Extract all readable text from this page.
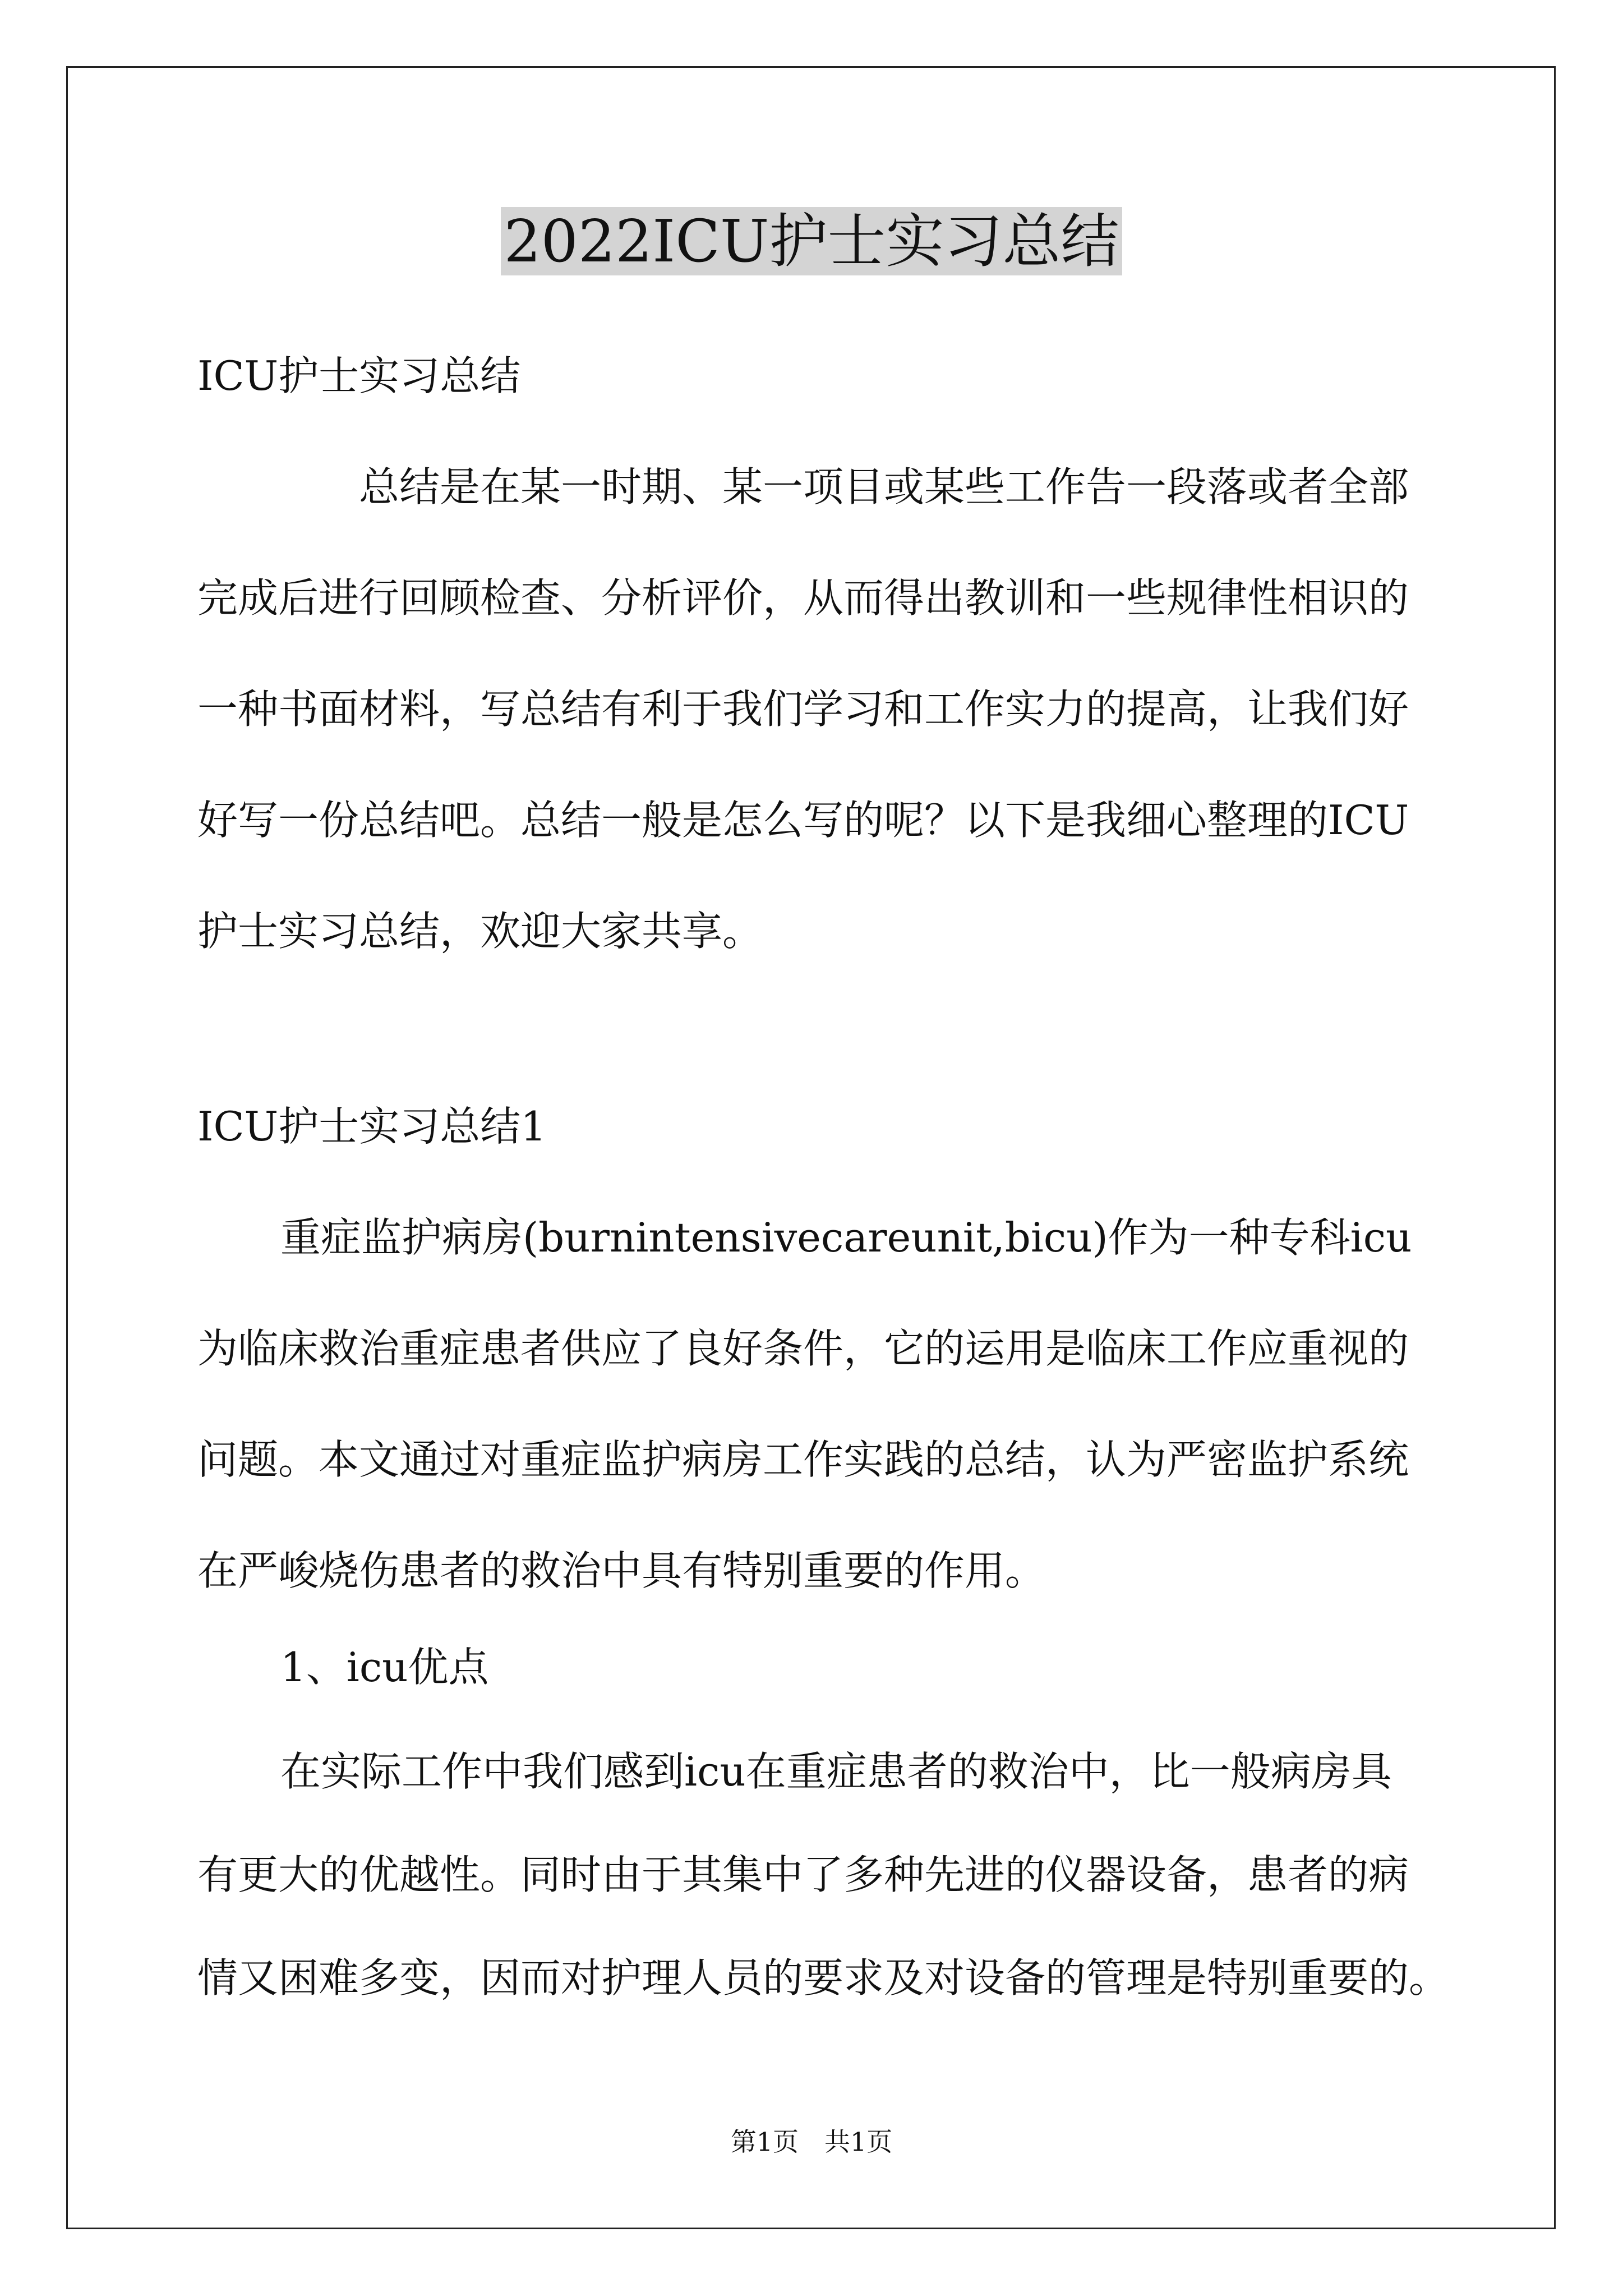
2022ICU护士实习总结

ICU护士实习总结

总结是在某一时期、某一项目或某些工作告一段落或者全部

完成后进行回顾检查、分析评价，从而得出教训和一些规律性相识的

一种书面材料，写总结有利于我们学习和工作实力的提高，让我们好

好写一份总结吧。总结一般是怎么写的呢？以下是我细心整理的ICU

护士实习总结，欢迎大家共享。

ICU护士实习总结1

重症监护病房(burnintensivecareunit,bicu)作为一种专科icu

为临床救治重症患者供应了良好条件，它的运用是临床工作应重视的

问题。本文通过对重症监护病房工作实践的总结，认为严密监护系统

在严峻烧伤患者的救治中具有特别重要的作用。

1、icu优点

在实际工作中我们感到icu在重症患者的救治中，比一般病房具

有更大的优越性。同时由于其集中了多种先进的仪器设备，患者的病

情又困难多变，因而对护理人员的要求及对设备的管理是特别重要的。

第1页　共1页
